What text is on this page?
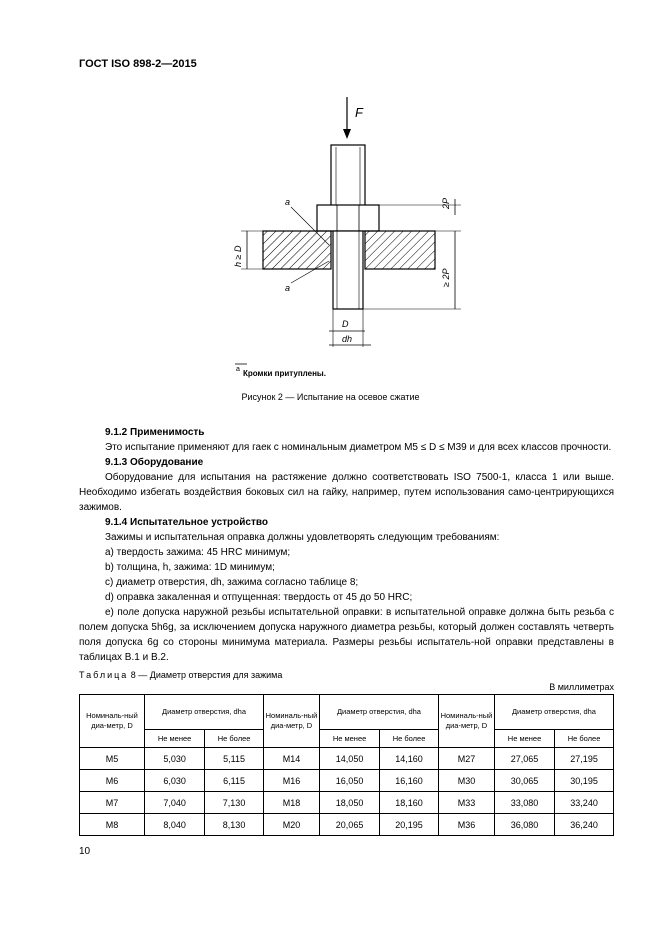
ГОСТ ISO 898-2—2015
F
2P
≥ 2P
h ≥ D
D
dh
a
a
a Кромки притуплены.
Рисунок 2 — Испытание на осевое сжатие
9.1.2 Применимость
Это испытание применяют для гаек с номинальным диаметром M5 ≤ D ≤ M39 и для всех классов прочности.
9.1.3 Оборудование
Оборудование для испытания на растяжение должно соответствовать ISO 7500-1, класса 1 или выше. Необходимо избегать воздействия боковых сил на гайку, например, путем использования само-центрирующихся зажимов.
9.1.4 Испытательное устройство
Зажимы и испытательная оправка должны удовлетворять следующим требованиям:
а) твердость зажима: 45 HRC минимум;
b) толщина, h, зажима: 1D минимум;
с) диаметр отверстия, dh, зажима согласно таблице 8;
d) оправка закаленная и отпущенная: твердость от 45 до 50 HRC;
е) поле допуска наружной резьбы испытательной оправки: в испытательной оправке должна быть резьба с полем допуска 5h6g, за исключением допуска наружного диаметра резьбы, который должен составлять четверть поля допуска 6g со стороны минимума материала. Размеры резьбы испытатель-ной оправки представлены в таблицах В.1 и В.2.
Таблица 8 — Диаметр отверстия для зажима
В миллиметрах
Номиналь-ный диа-метр, D	Диаметр отверстия, dha		Номиналь-ный диа-метр, D	Диаметр отверстия, dha		Номиналь-ный диа-метр, D	Диаметр отверстия, dha	
	Не менее	Не более		Не менее	Не более		Не менее	Не более
M5	5,030	5,115	M14	14,050	14,160	M27	27,065	27,195
M6	6,030	6,115	M16	16,050	16,160	M30	30,065	30,195
M7	7,040	7,130	M18	18,050	18,160	M33	33,080	33,240
M8	8,040	8,130	M20	20,065	20,195	M36	36,080	36,240
10
